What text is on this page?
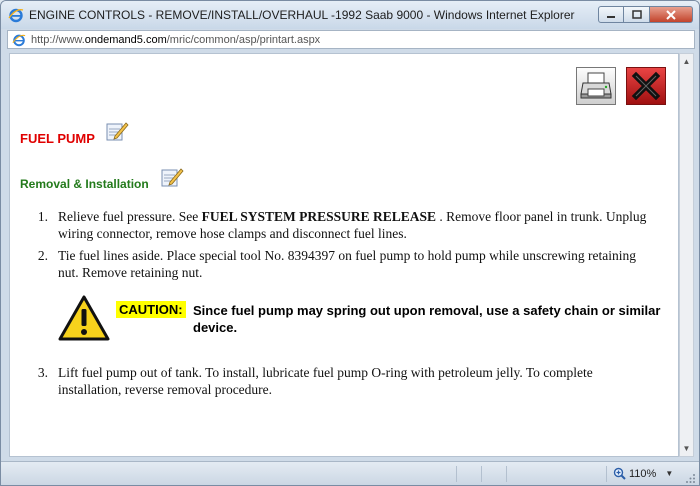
ENGINE CONTROLS - REMOVE/INSTALL/OVERHAUL -1992 Saab 9000 - Windows Internet Explorer
http://www.ondemand5.com/mric/common/asp/printart.aspx
FUEL PUMP
Removal & Installation
1. Relieve fuel pressure. See FUEL SYSTEM PRESSURE RELEASE . Remove floor panel in trunk. Unplug wiring connector, remove hose clamps and disconnect fuel lines.
2. Tie fuel lines aside. Place special tool No. 8394397 on fuel pump to hold pump while unscrewing retaining nut. Remove retaining nut.
3. Lift fuel pump out of tank. To install, lubricate fuel pump O-ring with petroleum jelly. To complete installation, reverse removal procedure.
CAUTION: Since fuel pump may spring out upon removal, use a safety chain or similar device.
▲
▼
110% ▼
